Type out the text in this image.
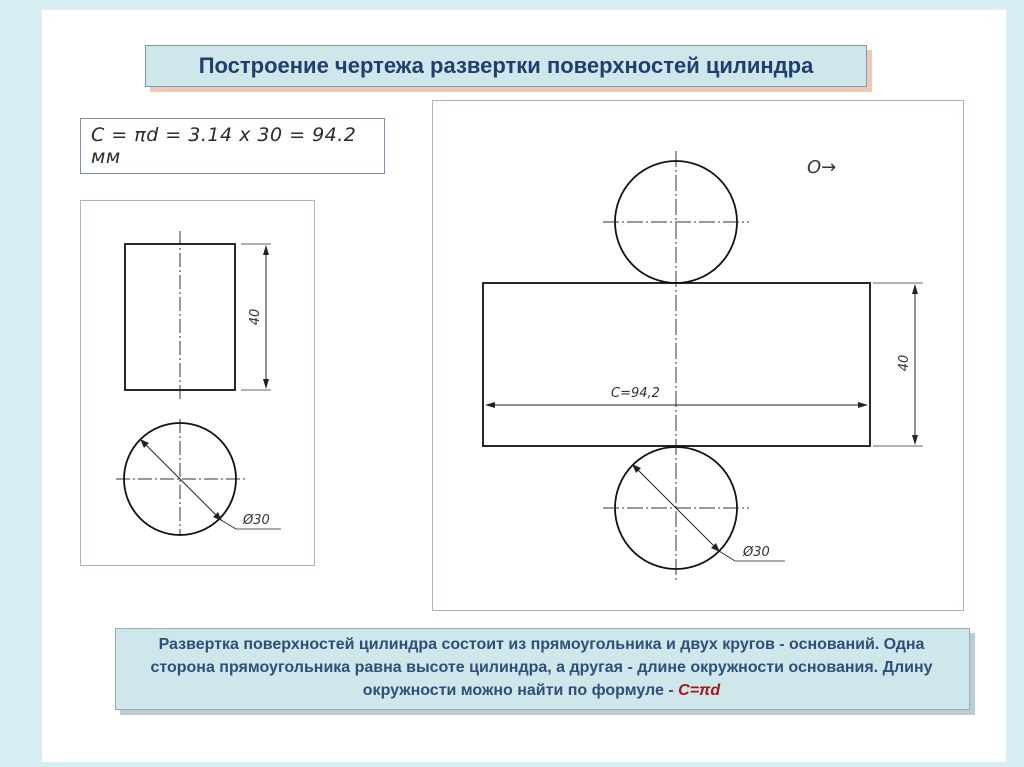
Построение чертежа развертки поверхностей цилиндра
C = πd = 3.14 x 30 = 94.2 мм
40
Ø30
C=94,2
40
Ø30
O→
Развертка поверхностей цилиндра состоит из прямоугольника и двух кругов - оснований. Одна сторона прямоугольника равна высоте цилиндра, а другая - длине окружности основания. Длину окружности можно найти по формуле - C=πd
